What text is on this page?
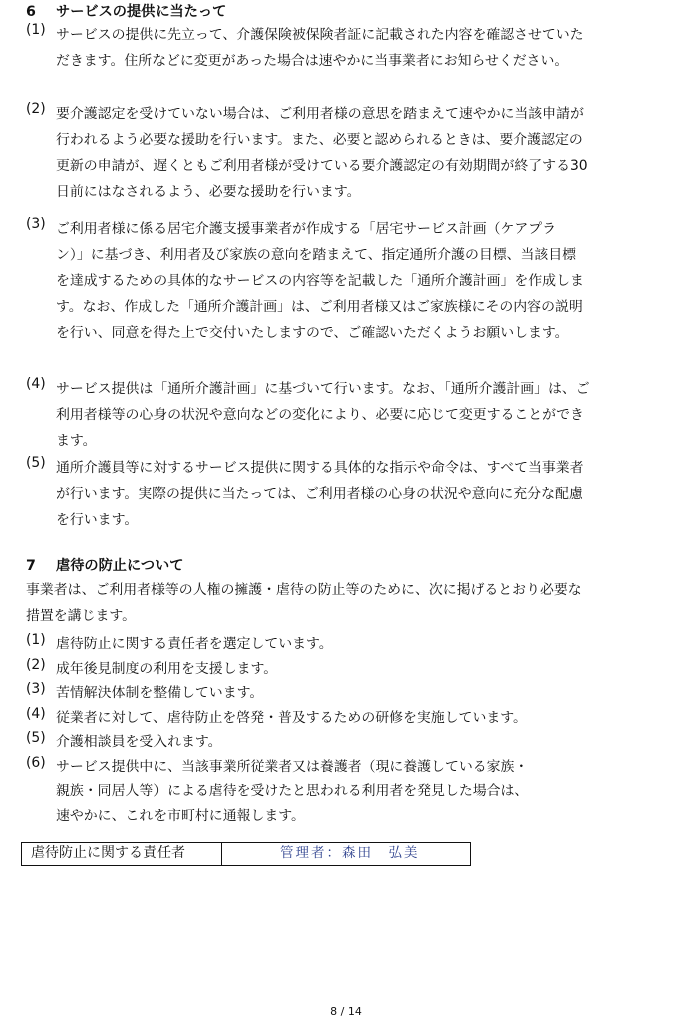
6 サービスの提供に当たって
(1) サービスの提供に先立って、介護保険被保険者証に記載された内容を確認させていた
だきます。住所などに変更があった場合は速やかに当事業者にお知らせください。
(2) 要介護認定を受けていない場合は、ご利用者様の意思を踏まえて速やかに当該申請が
行われるよう必要な援助を行います。また、必要と認められるときは、要介護認定の
更新の申請が、遅くともご利用者様が受けている要介護認定の有効期間が終了する30
日前にはなされるよう、必要な援助を行います。
(3) ご利用者様に係る居宅介護支援事業者が作成する「居宅サービス計画（ケアプラ
ン）」に基づき、利用者及び家族の意向を踏まえて、指定通所介護の目標、当該目標
を達成するための具体的なサービスの内容等を記載した「通所介護計画」を作成しま
す。なお、作成した「通所介護計画」は、ご利用者様又はご家族様にその内容の説明
を行い、同意を得た上で交付いたしますので、ご確認いただくようお願いします。
(4) サービス提供は「通所介護計画」に基づいて行います。なお、「通所介護計画」は、ご
利用者様等の心身の状況や意向などの変化により、必要に応じて変更することができ
ます。
(5) 通所介護員等に対するサービス提供に関する具体的な指示や命令は、すべて当事業者
が行います。実際の提供に当たっては、ご利用者様の心身の状況や意向に充分な配慮
を行います。
7 虐待の防止について
事業者は、ご利用者様等の人権の擁護・虐待の防止等のために、次に掲げるとおり必要な
措置を講じます。
(1) 虐待防止に関する責任者を選定しています。
(2) 成年後見制度の利用を支援します。
(3) 苦情解決体制を整備しています。
(4) 従業者に対して、虐待防止を啓発・普及するための研修を実施しています。
(5) 介護相談員を受入れます。
(6) サービス提供中に、当該事業所従業者又は養護者（現に養護している家族・
親族・同居人等）による虐待を受けたと思われる利用者を発見した場合は、
速やかに、これを市町村に通報します。
虐待防止に関する責任者	管理者：森田　弘美
8 / 14
